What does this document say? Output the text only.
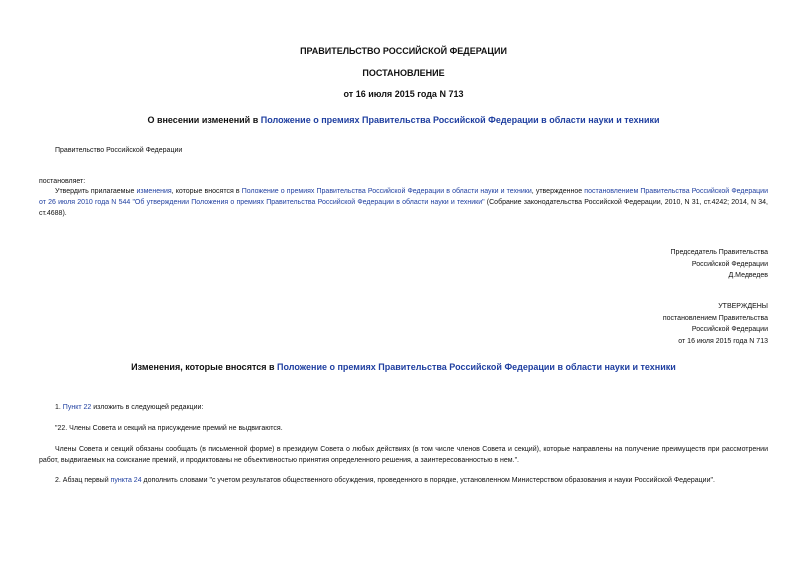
ПРАВИТЕЛЬСТВО РОССИЙСКОЙ ФЕДЕРАЦИИ
ПОСТАНОВЛЕНИЕ
от 16 июля 2015 года N 713
О внесении изменений в Положение о премиях Правительства Российской Федерации в области науки и техники
Правительство Российской Федерации
постановляет:
Утвердить прилагаемые изменения, которые вносятся в Положение о премиях Правительства Российской Федерации в области науки и техники, утвержденное постановлением Правительства Российской Федерации от 26 июля 2010 года N 544 "Об утверждении Положения о премиях Правительства Российской Федерации в области науки и техники" (Собрание законодательства Российской Федерации, 2010, N 31, ст.4242; 2014, N 34, ст.4688).
Председатель Правительства
Российской Федерации
Д.Медведев
УТВЕРЖДЕНЫ
постановлением Правительства
Российской Федерации
от 16 июля 2015 года N 713
Изменения, которые вносятся в Положение о премиях Правительства Российской Федерации в области науки и техники
1. Пункт 22 изложить в следующей редакции:
"22. Члены Совета и секций на присуждение премий не выдвигаются.
Члены Совета и секций обязаны сообщать (в письменной форме) в президиум Совета о любых действиях (в том числе членов Совета и секций), которые направлены на получение преимуществ при рассмотрении работ, выдвигаемых на соискание премий, и продиктованы не объективностью принятия определенного решения, а заинтересованностью в нем.".
2. Абзац первый пункта 24 дополнить словами "с учетом результатов общественного обсуждения, проведенного в порядке, установленном Министерством образования и науки Российской Федерации".
